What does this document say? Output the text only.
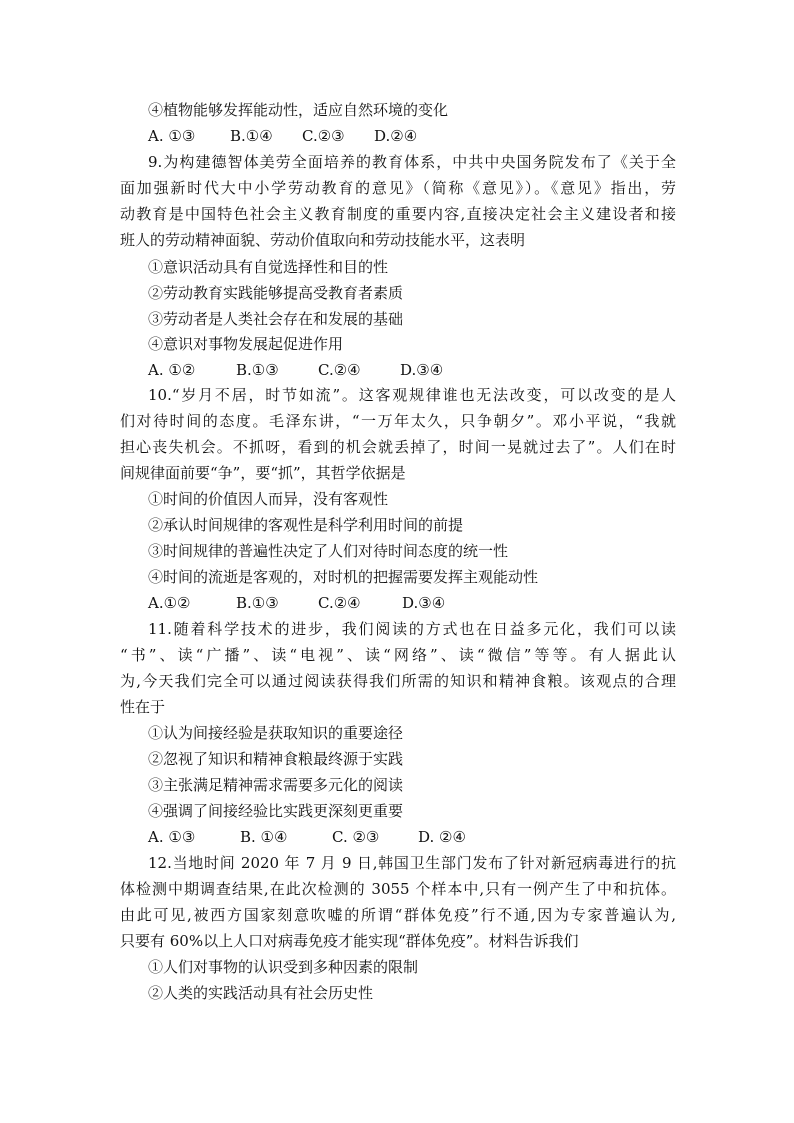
④植物能够发挥能动性，适应自然环境的变化
A. ①③ B.①④ C.②③ D.②④
9.为构建德智体美劳全面培养的教育体系，中共中央国务院发布了《关于全
面加强新时代大中小学劳动教育的意见》（简称《意见》）。《意见》指出，劳
动教育是中国特色社会主义教育制度的重要内容,直接决定社会主义建设者和接
班人的劳动精神面貌、劳动价值取向和劳动技能水平，这表明
①意识活动具有自觉选择性和目的性
②劳动教育实践能够提高受教育者素质
③劳动者是人类社会存在和发展的基础
④意识对事物发展起促进作用
A. ①②	B.①③	C.②④	D.③④
10.“岁月不居，时节如流”。这客观规律谁也无法改变，可以改变的是人
们对待时间的态度。毛泽东讲，“一万年太久，只争朝夕”。邓小平说，“我就
担心丧失机会。不抓呀，看到的机会就丢掉了，时间一晃就过去了”。人们在时
间规律面前要“争”，要“抓”，其哲学依据是
①时间的价值因人而异，没有客观性
②承认时间规律的客观性是科学利用时间的前提
③时间规律的普遍性决定了人们对待时间态度的统一性
④时间的流逝是客观的，对时机的把握需要发挥主观能动性
A.①②	B.①③	C.②④	D.③④
11.随着科学技术的进步，我们阅读的方式也在日益多元化，我们可以读
“书”、读“广播”、读“电视”、读“网络”、读“微信”等等。有人据此认
为,今天我们完全可以通过阅读获得我们所需的知识和精神食粮。该观点的合理
性在于
①认为间接经验是获取知识的重要途径
②忽视了知识和精神食粮最终源于实践
③主张满足精神需求需要多元化的阅读
④强调了间接经验比实践更深刻更重要
A. ①③	B. ①④	C. ②③	D. ②④
12.当地时间 2020 年 7 月 9 日,韩国卫生部门发布了针对新冠病毒进行的抗
体检测中期调查结果,在此次检测的 3055 个样本中,只有一例产生了中和抗体。
由此可见,被西方国家刻意吹嘘的所谓“群体免疫”行不通,因为专家普遍认为,
只要有 60%以上人口对病毒免疫才能实现“群体免疫”。材料告诉我们
①人们对事物的认识受到多种因素的限制
②人类的实践活动具有社会历史性
